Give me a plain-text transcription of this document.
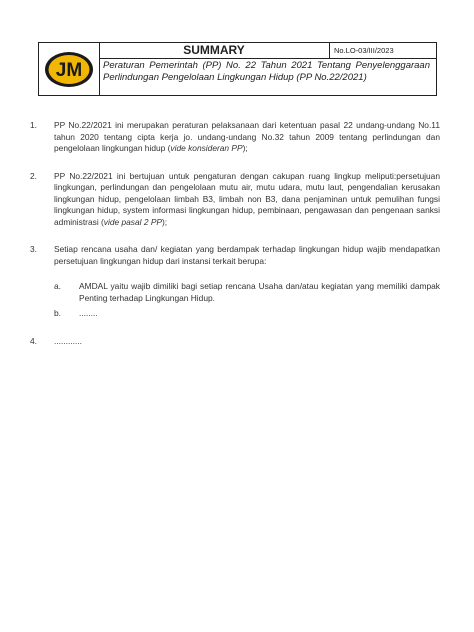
JM
SUMMARY	No.LO-03/III/2023
Peraturan Pemerintah (PP) No. 22 Tahun 2021 Tentang Penyelenggaraan Perlindungan Pengelolaan Lingkungan Hidup (PP No.22/2021)
1. PP No.22/2021 ini merupakan peraturan pelaksanaan dari ketentuan pasal 22 undang-undang No.11 tahun 2020 tentang cipta kerja jo. undang-undang No.32 tahun 2009 tentang perlindungan dan pengelolaan lingkungan hidup (vide konsideran PP);
2. PP No.22/2021 ini bertujuan untuk pengaturan dengan cakupan ruang lingkup meliputi:persetujuan lingkungan, perlindungan dan pengelolaan mutu air, mutu udara, mutu laut, pengendalian kerusakan lingkungan hidup, pengelolaan limbah B3, limbah non B3, dana penjaminan untuk pemulihan fungsi lingkungan hidup, system informasi lingkungan hidup, pembinaan, pengawasan dan pengenaan sanksi administrasi (vide pasal 2 PP);
3. Setiap rencana usaha dan/ kegiatan yang berdampak terhadap lingkungan hidup wajib mendapatkan persetujuan lingkungan hidup dari instansi terkait berupa:
a. AMDAL yaitu wajib dimiliki bagi setiap rencana Usaha dan/atau kegiatan yang memiliki dampak Penting terhadap Lingkungan Hidup.
b. ........
4. ............
